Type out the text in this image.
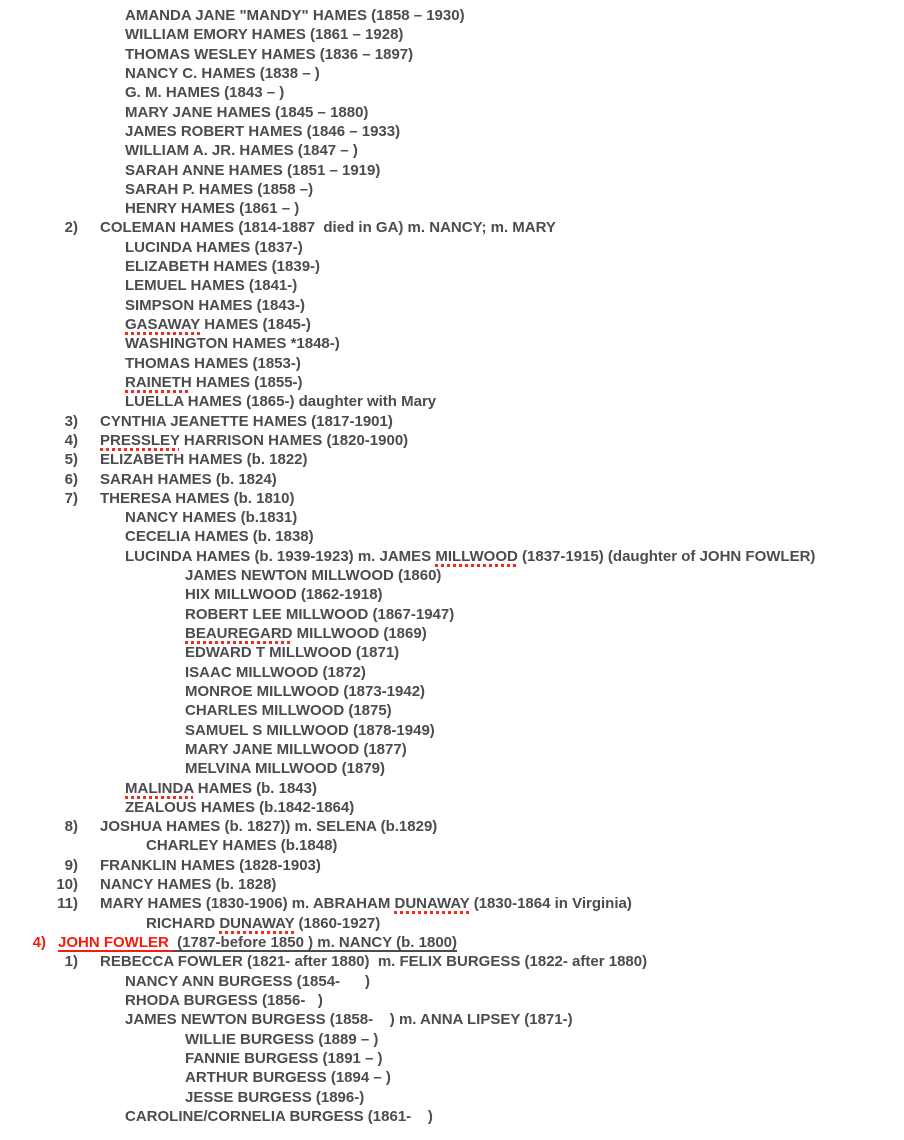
AMANDA JANE "MANDY" HAMES (1858 – 1930)
WILLIAM EMORY HAMES (1861 – 1928)
THOMAS WESLEY HAMES (1836 – 1897)
NANCY C. HAMES (1838 – )
G. M. HAMES (1843 – )
MARY JANE HAMES (1845 – 1880)
JAMES ROBERT HAMES (1846 – 1933)
WILLIAM A. JR. HAMES (1847 – )
SARAH ANNE HAMES (1851 – 1919)
SARAH P. HAMES (1858 –)
HENRY HAMES (1861 – )
2) COLEMAN HAMES (1814-1887  died in GA) m. NANCY; m. MARY
LUCINDA HAMES (1837-)
ELIZABETH HAMES (1839-)
LEMUEL HAMES (1841-)
SIMPSON HAMES (1843-)
GASAWAY HAMES (1845-)
WASHINGTON HAMES *1848-)
THOMAS HAMES (1853-)
RAINETH HAMES (1855-)
LUELLA HAMES (1865-) daughter with Mary
3) CYNTHIA JEANETTE HAMES (1817-1901)
4) PRESSLEY HARRISON HAMES (1820-1900)
5) ELIZABETH HAMES (b. 1822)
6) SARAH HAMES (b. 1824)
7) THERESA HAMES (b. 1810)
NANCY HAMES (b.1831)
CECELIA HAMES (b. 1838)
LUCINDA HAMES (b. 1939-1923) m. JAMES MILLWOOD (1837-1915) (daughter of JOHN FOWLER)
JAMES NEWTON MILLWOOD (1860)
HIX MILLWOOD (1862-1918)
ROBERT LEE MILLWOOD (1867-1947)
BEAUREGARD MILLWOOD (1869)
EDWARD T MILLWOOD (1871)
ISAAC MILLWOOD (1872)
MONROE MILLWOOD (1873-1942)
CHARLES MILLWOOD (1875)
SAMUEL S MILLWOOD (1878-1949)
MARY JANE MILLWOOD (1877)
MELVINA MILLWOOD (1879)
MALINDA HAMES (b. 1843)
ZEALOUS HAMES (b.1842-1864)
8) JOSHUA HAMES (b. 1827)) m. SELENA (b.1829)
CHARLEY HAMES (b.1848)
9) FRANKLIN HAMES (1828-1903)
10) NANCY HAMES (b. 1828)
11) MARY HAMES (1830-1906) m. ABRAHAM DUNAWAY (1830-1864 in Virginia)
RICHARD DUNAWAY (1860-1927)
4) JOHN FOWLER  (1787-before 1850 ) m. NANCY (b. 1800)
1) REBECCA FOWLER (1821- after 1880)  m. FELIX BURGESS (1822- after 1880)
NANCY ANN BURGESS (1854-      )
RHODA BURGESS (1856-   )
JAMES NEWTON BURGESS (1858-    ) m. ANNA LIPSEY (1871-)
WILLIE BURGESS (1889 – )
FANNIE BURGESS (1891 – )
ARTHUR BURGESS (1894 – )
JESSE BURGESS (1896-)
CAROLINE/CORNELIA BURGESS (1861-    )
